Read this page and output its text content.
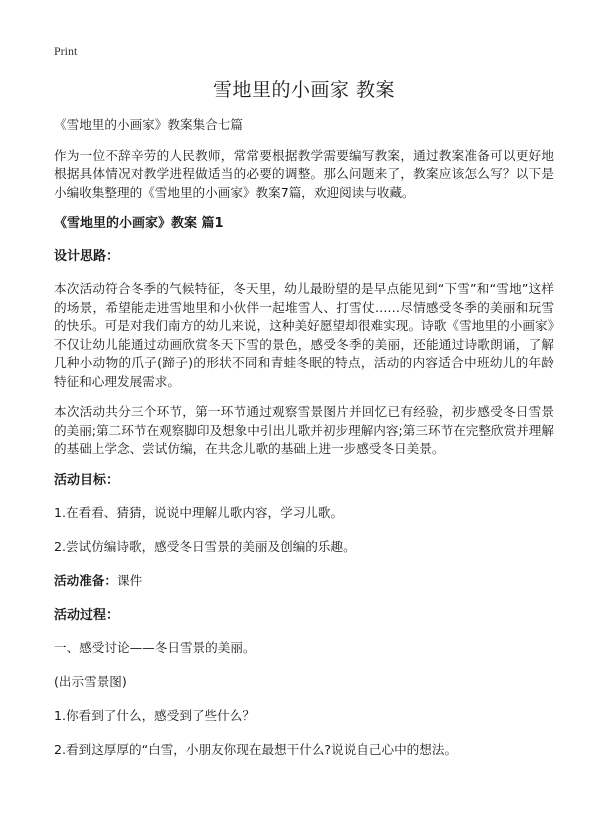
Print
雪地里的小画家 教案

《雪地里的小画家》教案集合七篇

作为一位不辞辛劳的人民教师，常常要根据教学需要编写教案，通过教案准备可以更好地根据具体情况对教学进程做适当的必要的调整。那么问题来了，教案应该怎么写？以下是小编收集整理的《雪地里的小画家》教案7篇，欢迎阅读与收藏。

《雪地里的小画家》教案 篇1
设计思路：

本次活动符合冬季的气候特征，冬天里，幼儿最盼望的是早点能见到“下雪”和“雪地”这样的场景，希望能走进雪地里和小伙伴一起堆雪人、打雪仗……尽情感受冬季的美丽和玩雪的快乐。可是对我们南方的幼儿来说，这种美好愿望却很难实现。诗歌《雪地里的小画家》不仅让幼儿能通过动画欣赏冬天下雪的景色，感受冬季的美丽，还能通过诗歌朗诵，了解几种小动物的爪子(蹄子)的形状不同和青蛙冬眠的特点，活动的内容适合中班幼儿的年龄特征和心理发展需求。

本次活动共分三个环节，第一环节通过观察雪景图片并回忆已有经验，初步感受冬日雪景的美丽;第二环节在观察脚印及想象中引出儿歌并初步理解内容;第三环节在完整欣赏并理解的基础上学念、尝试仿编，在共念儿歌的基础上进一步感受冬日美景。

活动目标：
1.在看看、猜猜，说说中理解儿歌内容，学习儿歌。
2.尝试仿编诗歌，感受冬日雪景的美丽及创编的乐趣。
活动准备：课件
活动过程：
一、感受讨论——冬日雪景的美丽。
(出示雪景图)
1.你看到了什么，感受到了些什么？
2.看到这厚厚的“白雪，小朋友你现在最想干什么?说说自己心中的想法。
